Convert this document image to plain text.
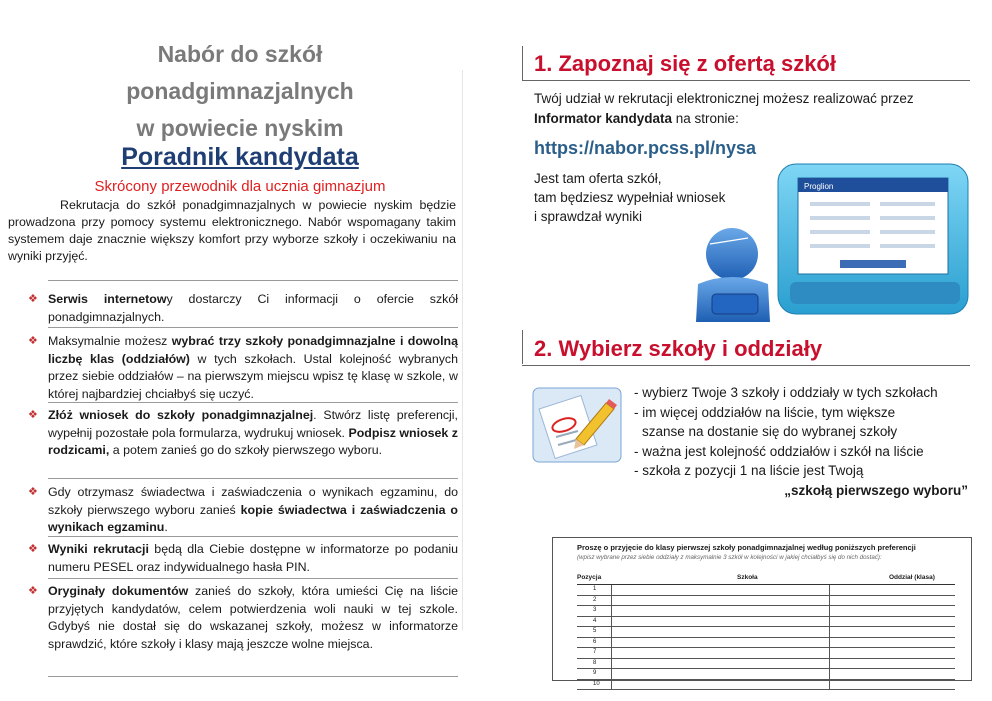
Nabór do szkół
ponadgimnazjalnych
w powiecie nyskim
Poradnik kandydata
Skrócony przewodnik dla ucznia gimnazjum
Rekrutacja do szkół ponadgimnazjalnych w powiecie nyskim będzie prowadzona przy pomocy systemu elektronicznego. Nabór wspomagany takim systemem daje znacznie większy komfort przy wyborze szkoły i oczekiwaniu na wyniki przyjęć.
❖ Serwis internetowy dostarczy Ci informacji o ofercie szkół ponadgimnazjalnych.
❖ Maksymalnie możesz wybrać trzy szkoły ponadgimnazjalne i dowolną liczbę klas (oddziałów) w tych szkołach. Ustal kolejność wybranych przez siebie oddziałów – na pierwszym miejscu wpisz tę klasę w szkole, w której najbardziej chciałbyś się uczyć.
❖ Złóż wniosek do szkoły ponadgimnazjalnej. Stwórz listę preferencji, wypełnij pozostałe pola formularza, wydrukuj wniosek. Podpisz wniosek z rodzicami, a potem zanieś go do szkoły pierwszego wyboru.
❖ Gdy otrzymasz świadectwa i zaświadczenia o wynikach egzaminu, do szkoły pierwszego wyboru zanieś kopie świadectwa i zaświadczenia o wynikach egzaminu.
❖ Wyniki rekrutacji będą dla Ciebie dostępne w informatorze po podaniu numeru PESEL oraz indywidualnego hasła PIN.
❖ Oryginały dokumentów zanieś do szkoły, która umieści Cię na liście przyjętych kandydatów, celem potwierdzenia woli nauki w tej szkole. Gdybyś nie dostał się do wskazanej szkoły, możesz w informatorze sprawdzić, które szkoły i klasy mają jeszcze wolne miejsca.
1. Zapoznaj się z ofertą szkół
Twój udział w rekrutacji elektronicznej możesz realizować przez
Informator kandydata na stronie:
https://nabor.pcss.pl/nysa
Jest tam oferta szkół,
tam będziesz wypełniał wniosek
i sprawdzał wyniki
Proglion
2. Wybierz szkoły i oddziały
- wybierz Twoje 3 szkoły i oddziały w tych szkołach
- im więcej oddziałów na liście, tym większe
szanse na dostanie się do wybranej szkoły
- ważna jest kolejność oddziałów i szkół na liście
- szkoła z pozycji 1 na liście jest Twoją
„szkołą pierwszego wyboru”
Proszę o przyjęcie do klasy pierwszej szkoły ponadgimnazjalnej według poniższych preferencji
(wpisz wybrane przez siebie oddziały z maksymalnie 3 szkół w kolejności w jakiej chciałbyś się do nich dostać):
Pozycja	Szkoła	Oddział (klasa)
1
2
3
4
5
6
7
8
9
10
